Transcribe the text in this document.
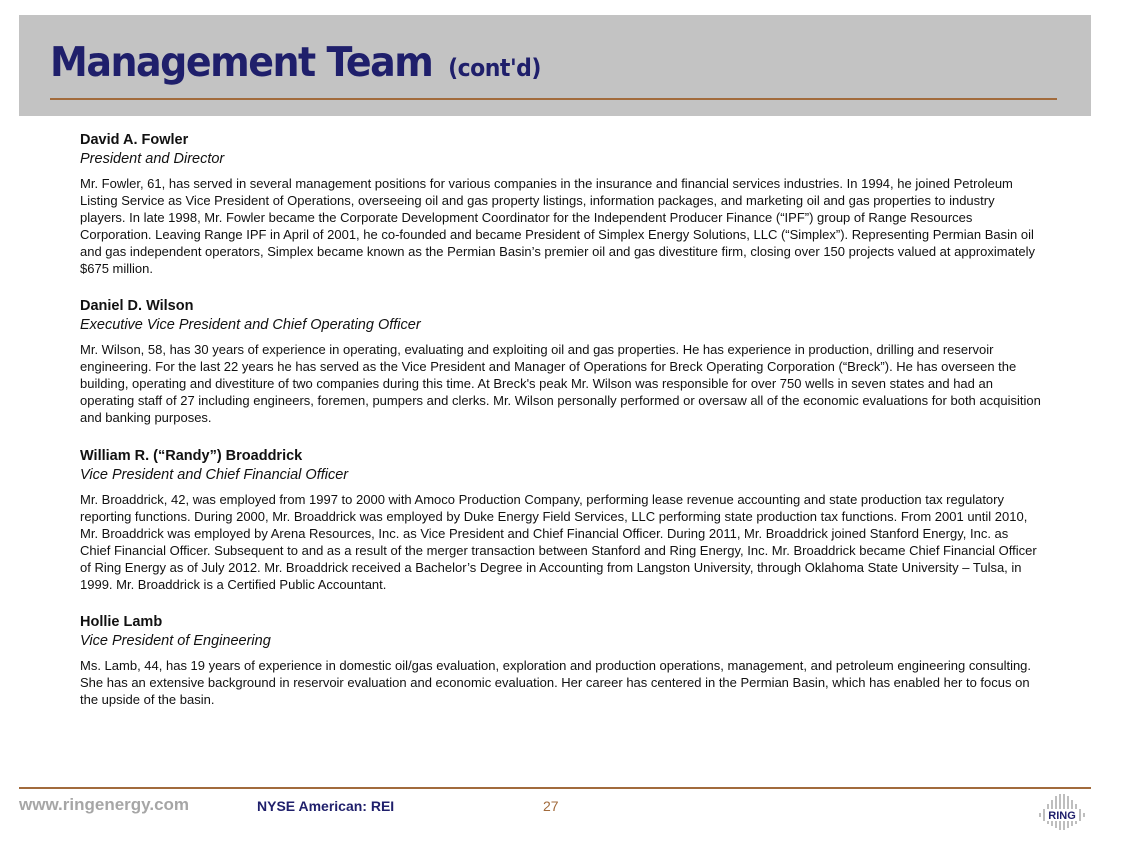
Management Team (cont'd)
David A. Fowler
President and Director

Mr. Fowler, 61, has served in several management positions for various companies in the insurance and financial services industries. In 1994, he joined Petroleum Listing Service as Vice President of Operations, overseeing oil and gas property listings, information packages, and marketing oil and gas properties to industry players. In late 1998, Mr. Fowler became the Corporate Development Coordinator for the Independent Producer Finance (“IPF”) group of Range Resources Corporation. Leaving Range IPF in April of 2001, he co-founded and became President of Simplex Energy Solutions, LLC (“Simplex”). Representing Permian Basin oil and gas independent operators, Simplex became known as the Permian Basin’s premier oil and gas divestiture firm, closing over 150 projects valued at approximately $675 million.

Daniel D. Wilson
Executive Vice President and Chief Operating Officer

Mr. Wilson, 58, has 30 years of experience in operating, evaluating and exploiting oil and gas properties. He has experience in production, drilling and reservoir engineering. For the last 22 years he has served as the Vice President and Manager of Operations for Breck Operating Corporation (“Breck”). He has overseen the building, operating and divestiture of two companies during this time. At Breck's peak Mr. Wilson was responsible for over 750 wells in seven states and had an operating staff of 27 including engineers, foremen, pumpers and clerks. Mr. Wilson personally performed or oversaw all of the economic evaluations for both acquisition and banking purposes.

William R. (“Randy”) Broaddrick
Vice President and Chief Financial Officer

Mr. Broaddrick, 42, was employed from 1997 to 2000 with Amoco Production Company, performing lease revenue accounting and state production tax regulatory reporting functions. During 2000, Mr. Broaddrick was employed by Duke Energy Field Services, LLC performing state production tax functions. From 2001 until 2010, Mr. Broaddrick was employed by Arena Resources, Inc. as Vice President and Chief Financial Officer. During 2011, Mr. Broaddrick joined Stanford Energy, Inc. as Chief Financial Officer. Subsequent to and as a result of the merger transaction between Stanford and Ring Energy, Inc. Mr. Broaddrick became Chief Financial Officer of Ring Energy as of July 2012. Mr. Broaddrick received a Bachelor’s Degree in Accounting from Langston University, through Oklahoma State University – Tulsa, in 1999. Mr. Broaddrick is a Certified Public Accountant.

Hollie Lamb
Vice President of Engineering

Ms. Lamb, 44, has 19 years of experience in domestic oil/gas evaluation, exploration and production operations, management, and petroleum engineering consulting. She has an extensive background in reservoir evaluation and economic evaluation. Her career has centered in the Permian Basin, which has enabled her to focus on the upside of the basin.

www.ringenergy.com	NYSE American: REI	27
RING
